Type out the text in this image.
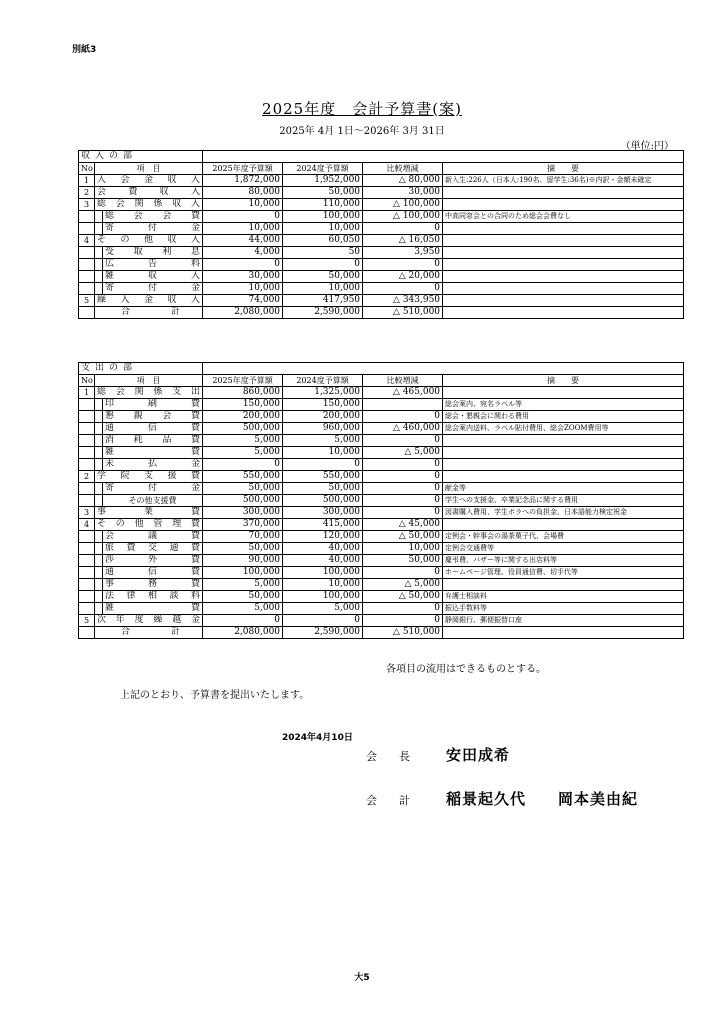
別紙3
2025年度　会計予算書(案)
2025年 4月 1日～2026年 3月 31日
（単位:円）
収入の部						
No	項　目		2025年度予算額	2024度予算額	比較増減	摘　　要
1	入会金収入		1,872,000	1,952,000	△ 80,000	新入生:226人（日本人:190名、留学生:36名)※内訳・金額未確定
2	会費収入		80,000	50,000	30,000	
3	総会関係収入		10,000	110,000	△ 100,000	
		総会会費	0	100,000	△ 100,000	中高同窓会との合同のため総会会費なし
		寄付金	10,000	10,000	0	
4	その他収入		44,000	60,050	△ 16,050	
		受取利息	4,000	50	3,950	
		広告料	0	0	0	
		雑収入	30,000	50,000	△ 20,000	
		寄付金	10,000	10,000	0	
5	繰入金収入		74,000	417,950	△ 343,950	
	合　　計		2,080,000	2,590,000	△ 510,000	
支出の部						
No	項　目		2025年度予算額	2024度予算額	比較増減	摘　　要
1	総会関係支出		860,000	1,325,000	△ 465,000	
		印刷費	150,000	150,000		総会案内、宛名ラベル等
		懇親会費	200,000	200,000	0	総会・懇親会に関わる費用
		通信費	500,000	960,000	△ 460,000	総会案内送料、ラベル貼付費用、総会ZOOM費用等
		消耗品費	5,000	5,000	0	
		雑費	5,000	10,000	△ 5,000	
		未払金	0	0	0	
2	学院支援費		550,000	550,000	0	
		寄付金	50,000	50,000	0	献金等
		その他支援費	500,000	500,000	0	学生への支援金、卒業記念品に関する費用
3	事業費		300,000	300,000	0	図書購入費用、学生ボラへの負担金、日本語能力検定祝金
4	その他管理費		370,000	415,000	△ 45,000	
		会議費	70,000	120,000	△ 50,000	定例会・幹事会の湯茶菓子代、会場費
		旅費交通費	50,000	40,000	10,000	定例会交通費等
		渉外費	90,000	40,000	50,000	慶弔費、バザー等に関する出店料等
		通信費	100,000	100,000	0	ホームページ管理、役員通信費、切手代等
		事務費	5,000	10,000	△ 5,000	
		法律相談料	50,000	100,000	△ 50,000	弁護士相談料
		雑費	5,000	5,000	0	振込手数料等
5	次年度繰越金		0	0	0	静岡銀行、郵便振替口座
	合　　計		2,080,000	2,590,000	△ 510,000	
各項目の流用はできるものとする。
上記のとおり、予算書を提出いたします。
2024年4月10日
会　　長 安田成希
会　　計 稲景起久代 岡本美由紀
大5
